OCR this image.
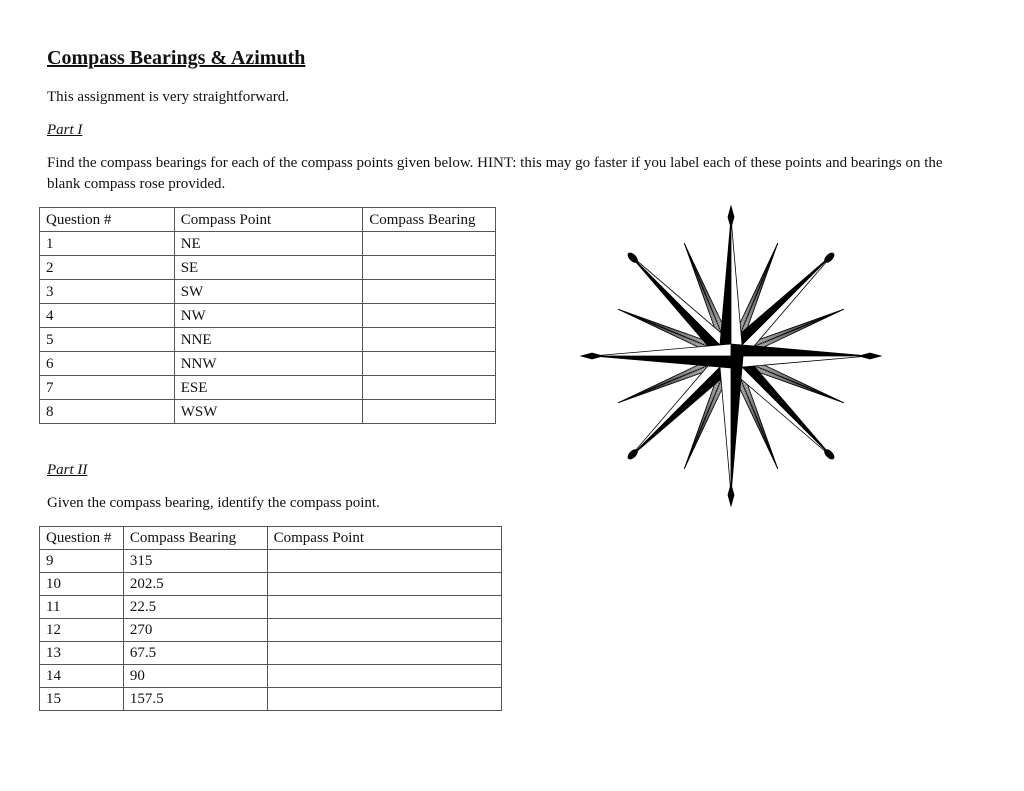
Compass Bearings & Azimuth

This assignment is very straightforward.

Part I

Find the compass bearings for each of the compass points given below. HINT: this may go faster if you label each of these points and bearings on the blank compass rose provided.

Question #	Compass Point	Compass Bearing
1	NE	
2	SE	
3	SW	
4	NW	
5	NNE	
6	NNW	
7	ESE	
8	WSW	

Part II

Given the compass bearing, identify the compass point.

Question #	Compass Bearing	Compass Point
9	315	
10	202.5	
11	22.5	
12	270	
13	67.5	
14	90	
15	157.5	
